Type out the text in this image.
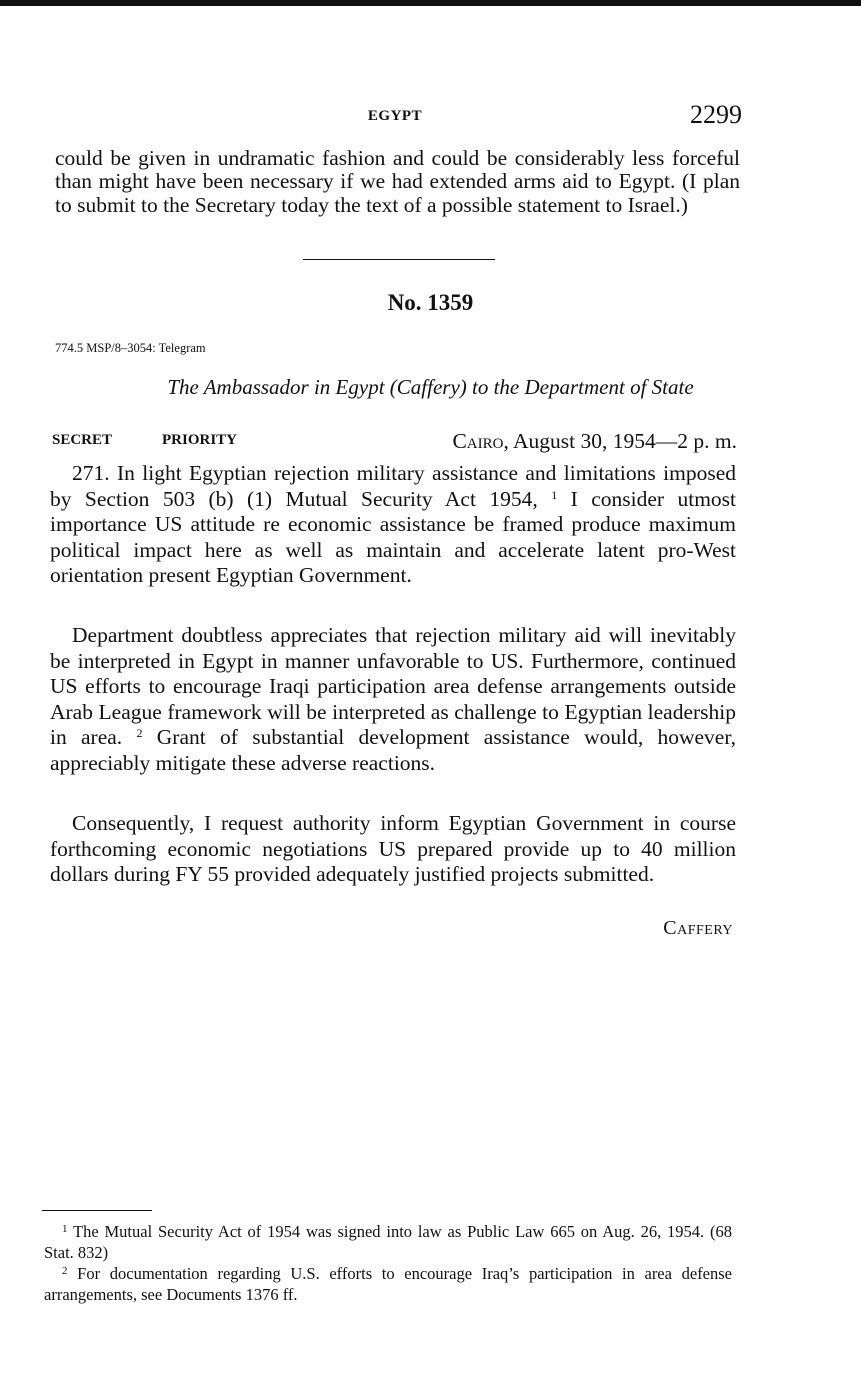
EGYPT	2299

could be given in undramatic fashion and could be considerably less forceful than might have been necessary if we had extended arms aid to Egypt. (I plan to submit to the Secretary today the text of a possible statement to Israel.)

No. 1359
774.5 MSP/8–3054: Telegram
The Ambassador in Egypt (Caffery) to the Department of State
SECRET	PRIORITY	Cairo, August 30, 1954—2 p. m.

271. In light Egyptian rejection military assistance and limitations imposed by Section 503 (b) (1) Mutual Security Act 1954, $^1$ I consider utmost importance US attitude re economic assistance be framed produce maximum political impact here as well as maintain and accelerate latent pro-West orientation present Egyptian Government.

Department doubtless appreciates that rejection military aid will inevitably be interpreted in Egypt in manner unfavorable to US. Furthermore, continued US efforts to encourage Iraqi participation area defense arrangements outside Arab League framework will be interpreted as challenge to Egyptian leadership in area. $^2$ Grant of substantial development assistance would, however, appreciably mitigate these adverse reactions.

Consequently, I request authority inform Egyptian Government in course forthcoming economic negotiations US prepared provide up to 40 million dollars during FY 55 provided adequately justified projects submitted.

Caffery

$^1$ The Mutual Security Act of 1954 was signed into law as Public Law 665 on Aug. 26, 1954. (68 Stat. 832)

$^2$ For documentation regarding U.S. efforts to encourage Iraq’s participation in area defense arrangements, see Documents 1376 ff.
